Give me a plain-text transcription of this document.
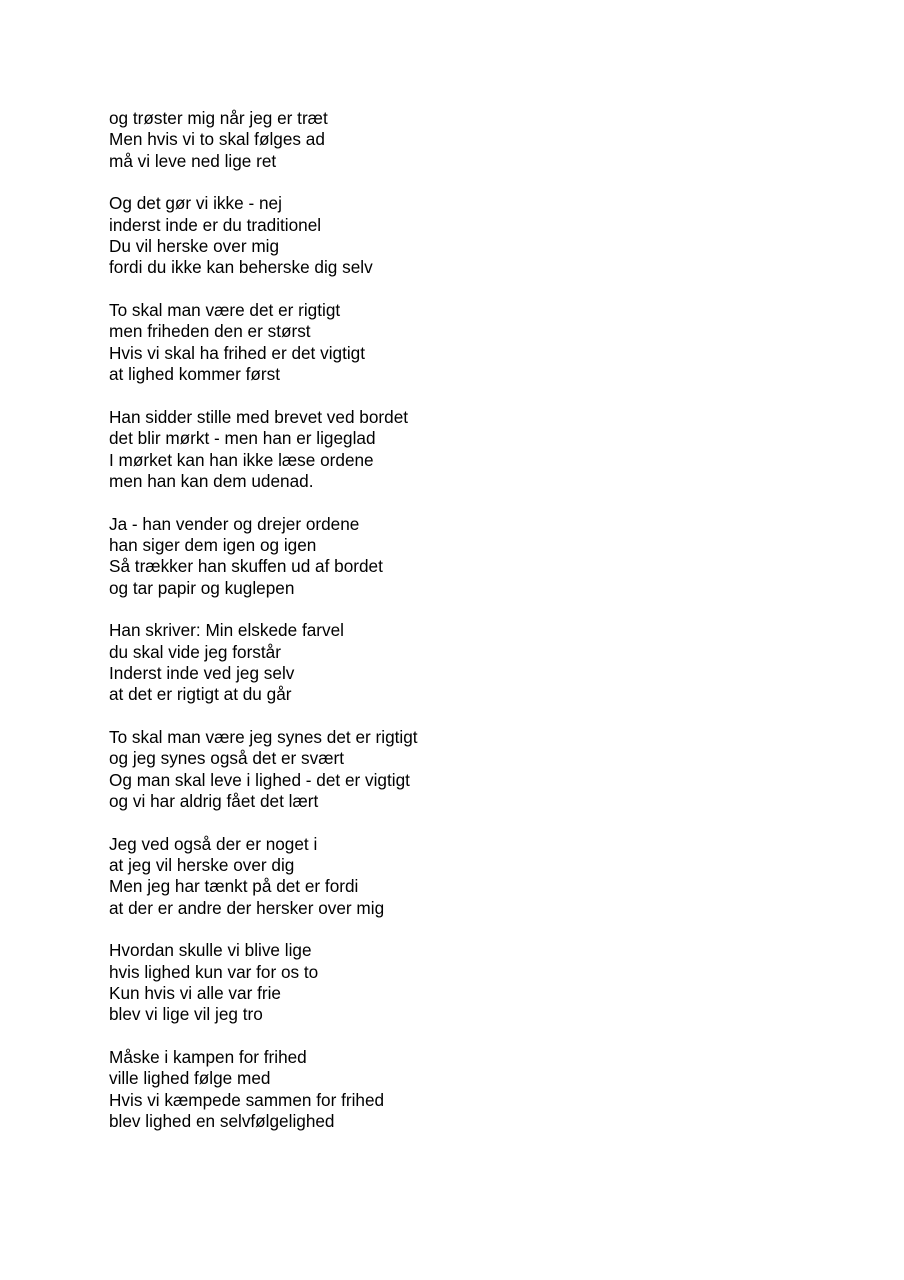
og trøster mig når jeg er træt
Men hvis vi to skal følges ad
må vi leve ned lige ret
Og det gør vi ikke - nej
inderst inde er du traditionel
Du vil herske over mig
fordi du ikke kan beherske dig selv
To skal man være det er rigtigt
men friheden den er størst
Hvis vi skal ha frihed er det vigtigt
at lighed kommer først
Han sidder stille med brevet ved bordet
det blir mørkt - men han er ligeglad
I mørket kan han ikke læse ordene
men han kan dem udenad.
Ja - han vender og drejer ordene
han siger dem igen og igen
Så trækker han skuffen ud af bordet
og tar papir og kuglepen
Han skriver: Min elskede farvel
du skal vide jeg forstår
Inderst inde ved jeg selv
at det er rigtigt at du går
To skal man være jeg synes det er rigtigt
og jeg synes også det er svært
Og man skal leve i lighed - det er vigtigt
og vi har aldrig fået det lært
Jeg ved også der er noget i
at jeg vil herske over dig
Men jeg har tænkt på det er fordi
at der er andre der hersker over mig
Hvordan skulle vi blive lige
hvis lighed kun var for os to
Kun hvis vi alle var frie
blev vi lige vil jeg tro
Måske i kampen for frihed
ville lighed følge med
Hvis vi kæmpede sammen for frihed
blev lighed en selvfølgelighed
